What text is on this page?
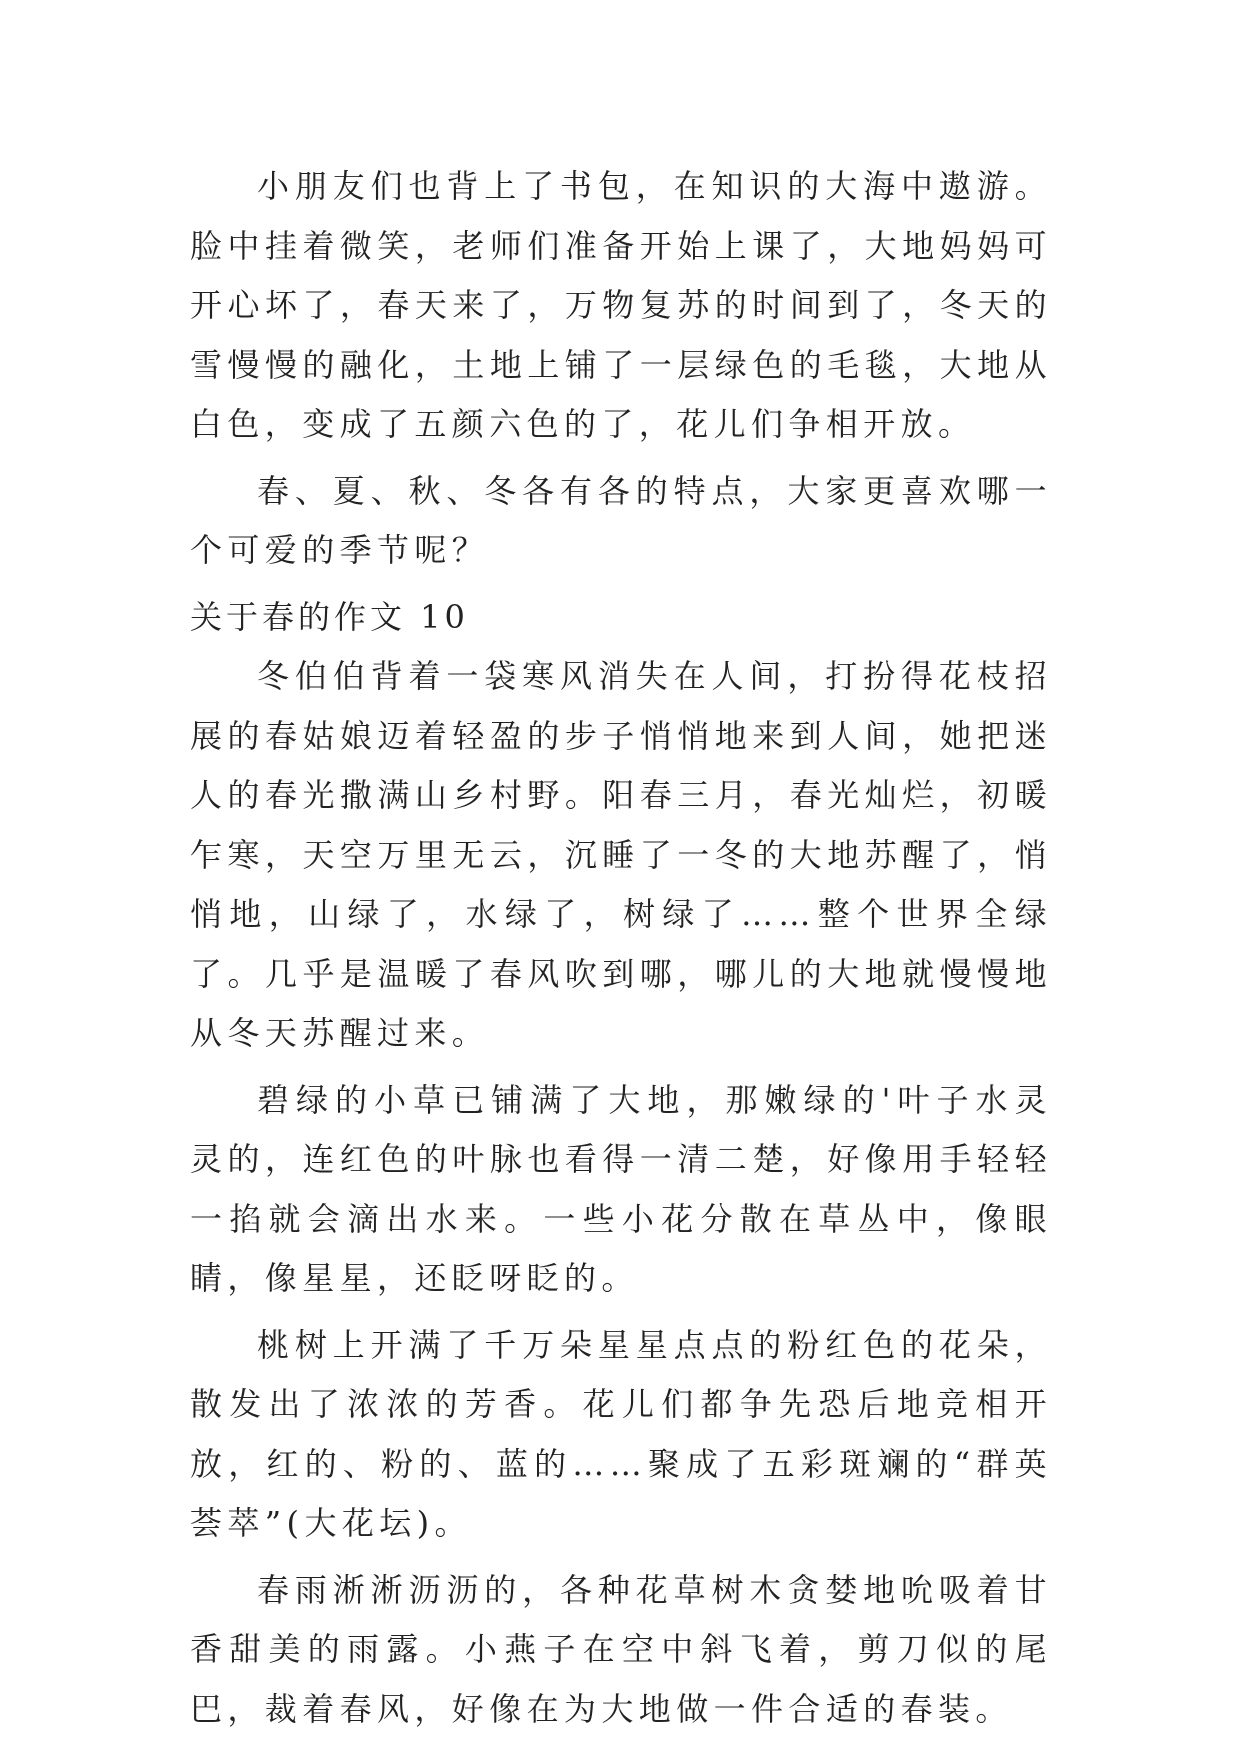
小朋友们也背上了书包，在知识的大海中遨游。脸中挂着微笑，老师们准备开始上课了，大地妈妈可开心坏了，春天来了，万物复苏的时间到了，冬天的雪慢慢的融化，土地上铺了一层绿色的毛毯，大地从白色，变成了五颜六色的了，花儿们争相开放。

春、夏、秋、冬各有各的特点，大家更喜欢哪一个可爱的季节呢？

关于春的作文 10

冬伯伯背着一袋寒风消失在人间，打扮得花枝招展的春姑娘迈着轻盈的步子悄悄地来到人间，她把迷人的春光撒满山乡村野。阳春三月，春光灿烂，初暖乍寒，天空万里无云，沉睡了一冬的大地苏醒了，悄悄地，山绿了，水绿了，树绿了……整个世界全绿了。几乎是温暖了春风吹到哪，哪儿的大地就慢慢地从冬天苏醒过来。

碧绿的小草已铺满了大地，那嫩绿的'叶子水灵灵的，连红色的叶脉也看得一清二楚，好像用手轻轻一掐就会滴出水来。一些小花分散在草丛中，像眼睛，像星星，还眨呀眨的。

桃树上开满了千万朵星星点点的粉红色的花朵，散发出了浓浓的芳香。花儿们都争先恐后地竞相开放，红的、粉的、蓝的……聚成了五彩斑斓的“群英荟萃”(大花坛)。

春雨淅淅沥沥的，各种花草树木贪婪地吮吸着甘香甜美的雨露。小燕子在空中斜飞着，剪刀似的尾巴，裁着春风，好像在为大地做一件合适的春装。
